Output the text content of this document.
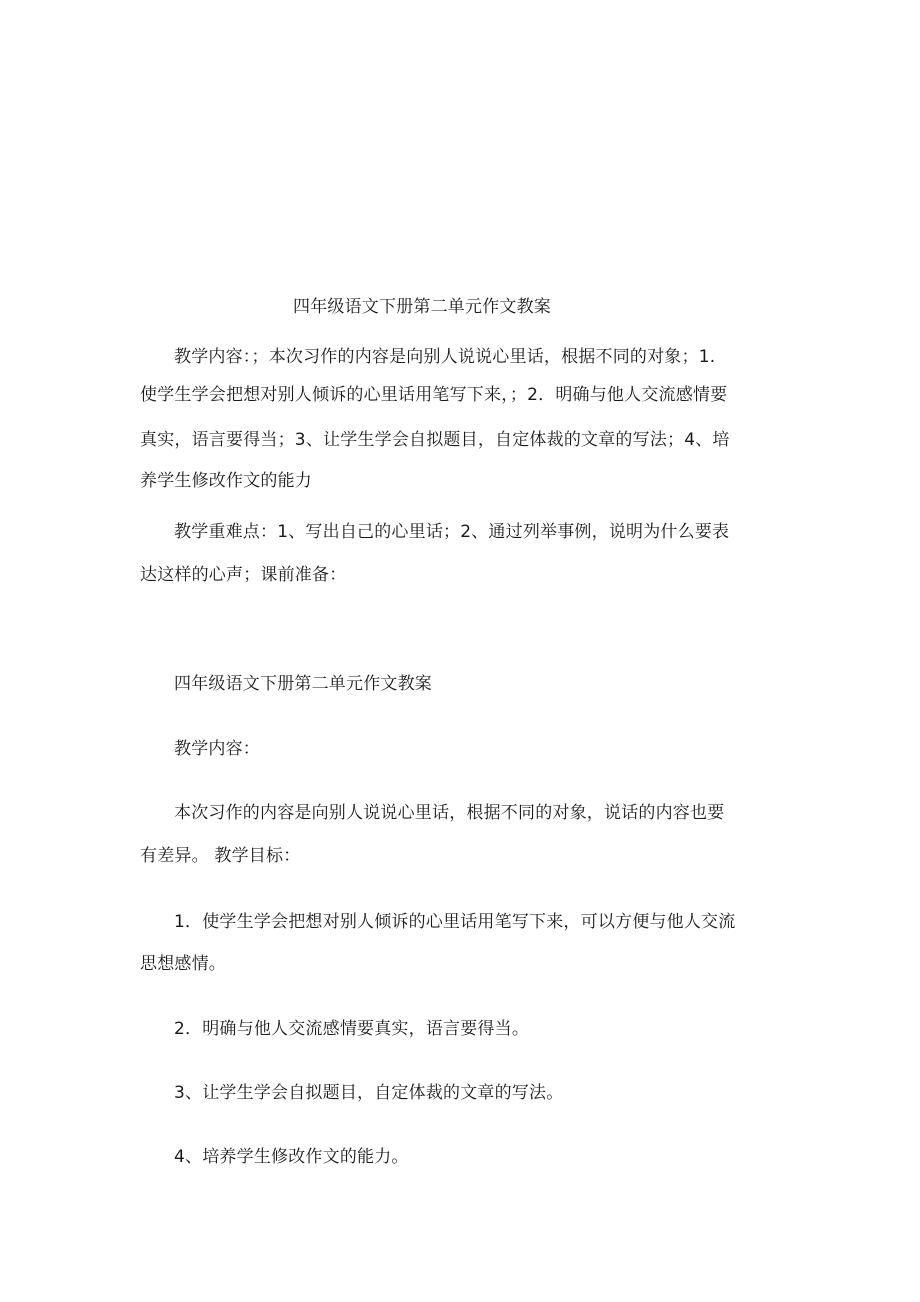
四年级语文下册第二单元作文教案
教学内容：；本次习作的内容是向别人说说心里话，根据不同的对象；1.
使学生学会把想对别人倾诉的心里话用笔写下来，；2．明确与他人交流感情要
真实，语言要得当；3、让学生学会自拟题目，自定体裁的文章的写法；4、培
养学生修改作文的能力
教学重难点：1、写出自己的心里话；2、通过列举事例，说明为什么要表
达这样的心声；课前准备：
四年级语文下册第二单元作文教案
教学内容：
本次习作的内容是向别人说说心里话，根据不同的对象，说话的内容也要
有差异。 教学目标：
1．使学生学会把想对别人倾诉的心里话用笔写下来，可以方便与他人交流
思想感情。
2．明确与他人交流感情要真实，语言要得当。
3、让学生学会自拟题目，自定体裁的文章的写法。
4、培养学生修改作文的能力。
